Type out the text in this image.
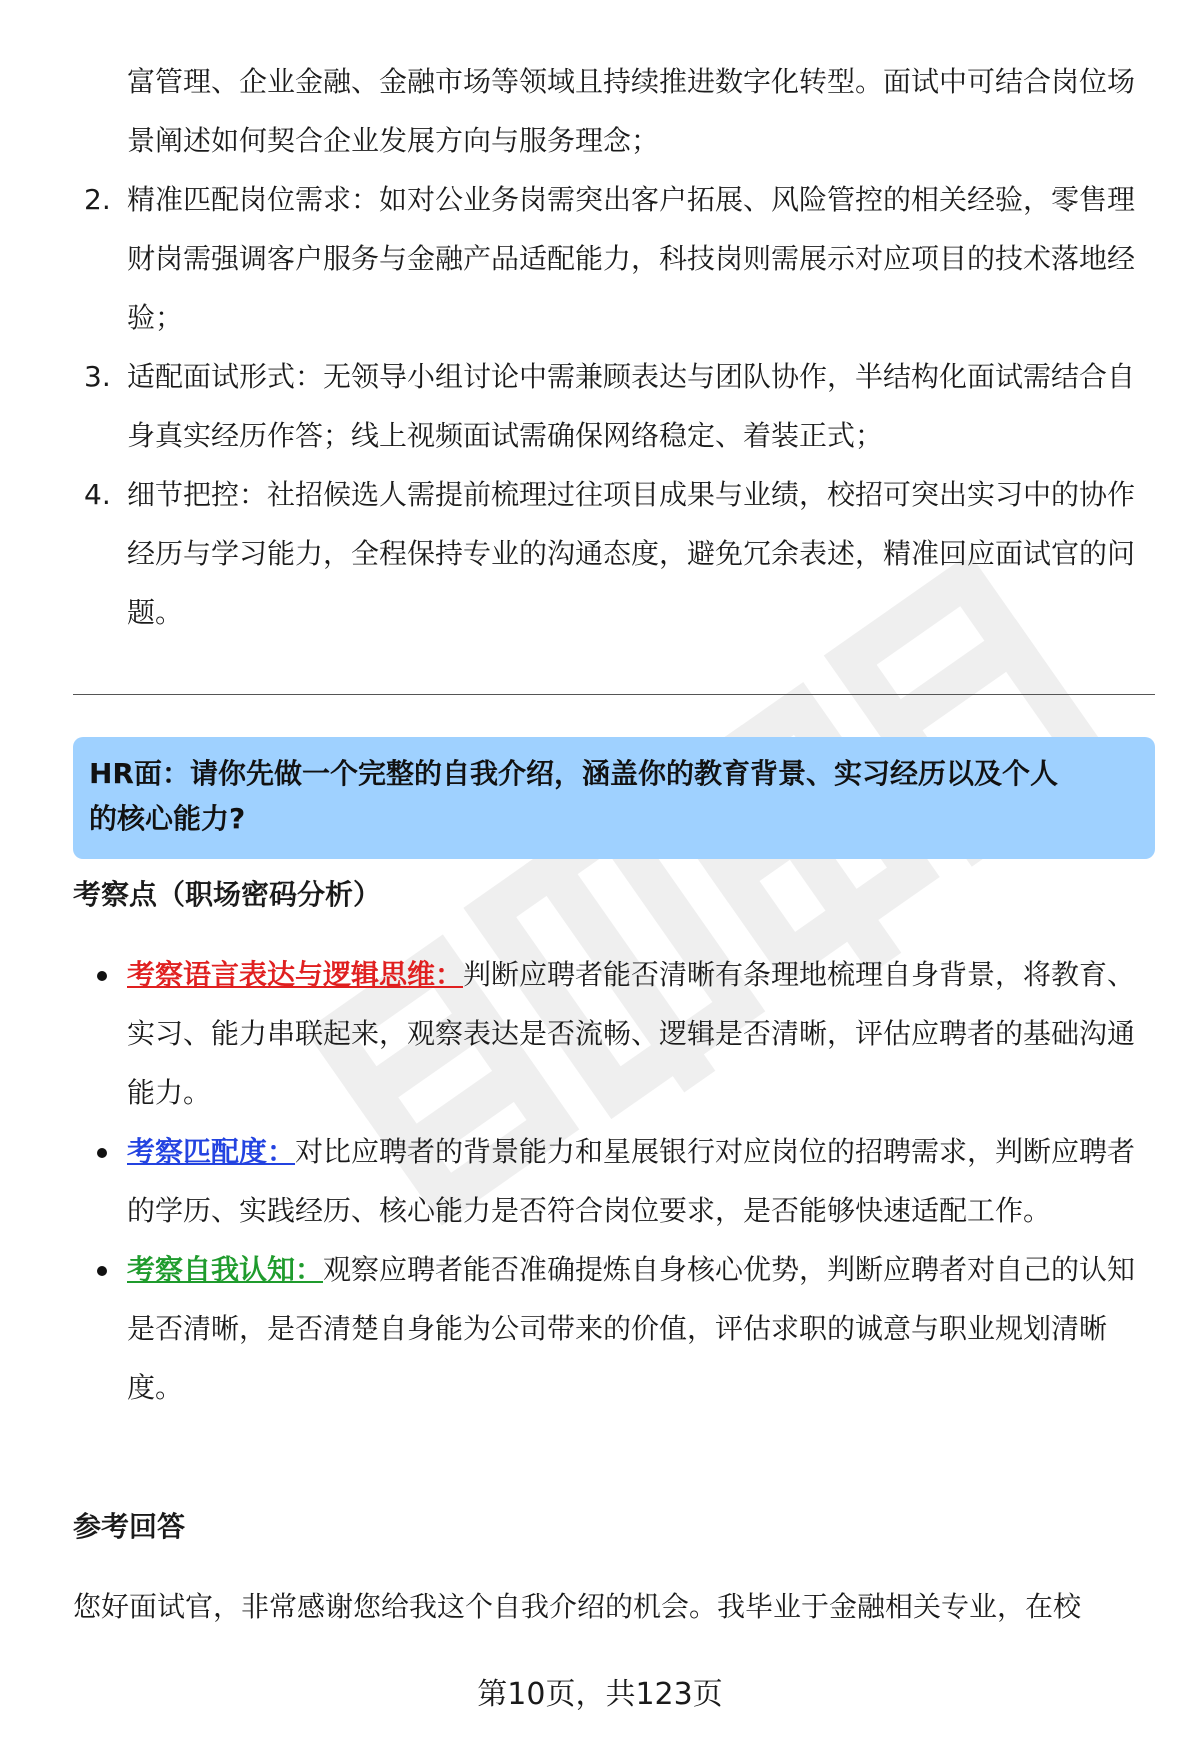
富管理、企业金融、金融市场等领域且持续推进数字化转型。面试中可结合岗位场景阐述如何契合企业发展方向与服务理念；
2. 精准匹配岗位需求：如对公业务岗需突出客户拓展、风险管控的相关经验，零售理财岗需强调客户服务与金融产品适配能力，科技岗则需展示对应项目的技术落地经验；
3. 适配面试形式：无领导小组讨论中需兼顾表达与团队协作，半结构化面试需结合自身真实经历作答；线上视频面试需确保网络稳定、着装正式；
4. 细节把控：社招候选人需提前梳理过往项目成果与业绩，校招可突出实习中的协作经历与学习能力，全程保持专业的沟通态度，避免冗余表述，精准回应面试官的问题。
HR面：请你先做一个完整的自我介绍，涵盖你的教育背景、实习经历以及个人
的核心能力?
考察点（职场密码分析）
考察语言表达与逻辑思维：判断应聘者能否清晰有条理地梳理自身背景，将教育、实习、能力串联起来，观察表达是否流畅、逻辑是否清晰，评估应聘者的基础沟通能力。
考察匹配度：对比应聘者的背景能力和星展银行对应岗位的招聘需求，判断应聘者的学历、实践经历、核心能力是否符合岗位要求，是否能够快速适配工作。
考察自我认知：观察应聘者能否准确提炼自身核心优势，判断应聘者对自己的认知是否清晰，是否清楚自身能为公司带来的价值，评估求职的诚意与职业规划清晰度。
参考回答
您好面试官，非常感谢您给我这个自我介绍的机会。我毕业于金融相关专业，在校
第10页，共123页
